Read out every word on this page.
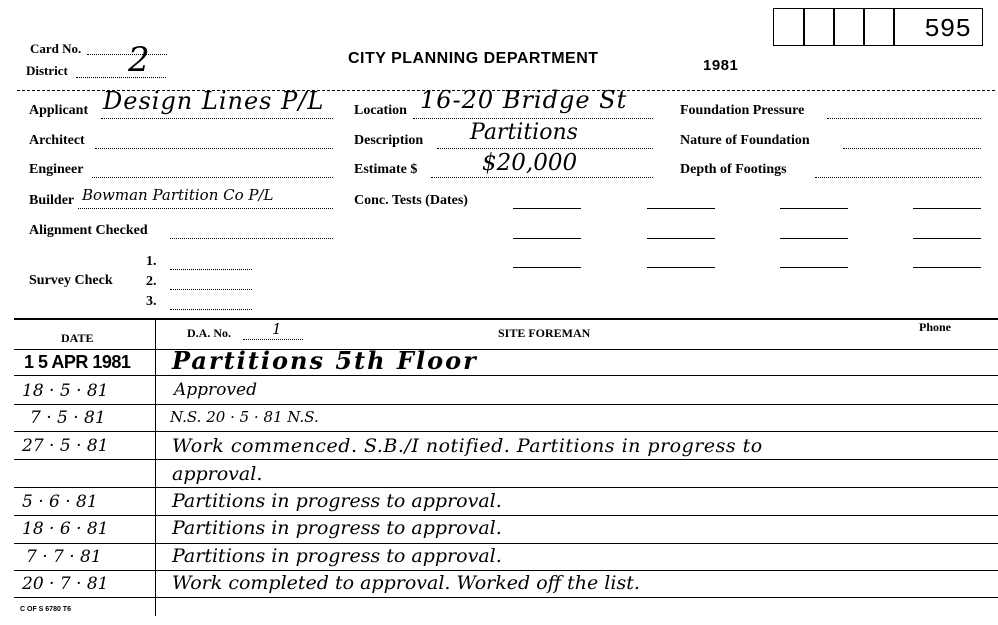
595
Card No.
District 2	CITY PLANNING DEPARTMENT	1981
Applicant Design Lines P/L
Architect
Engineer
Builder Bowman Partition Co P/L
Alignment Checked
Survey Check
1.
2.
3.
Location 16-20 Bridge St
Description Partitions
Estimate $	$20,000
Conc. Tests (Dates)
Foundation Pressure
Nature of Foundation
Depth of Footings
DATE	D.A. No.	1	SITE FOREMAN	Phone
1 5 APR 1981 Partitions 5th Floor
18 · 5 · 81	Approved
7 · 5 · 81	N.S. 20 · 5 · 81 N.S.
27 · 5 · 81	Work commenced. S.B./I notified. Partitions in progress to
approval.
5 · 6 · 81	Partitions in progress to approval.
18 · 6 · 81	Partitions in progress to approval.
7 · 7 · 81	Partitions in progress to approval.
20 · 7 · 81	Work completed to approval. Worked off the list.
C OF S 6780 T6
